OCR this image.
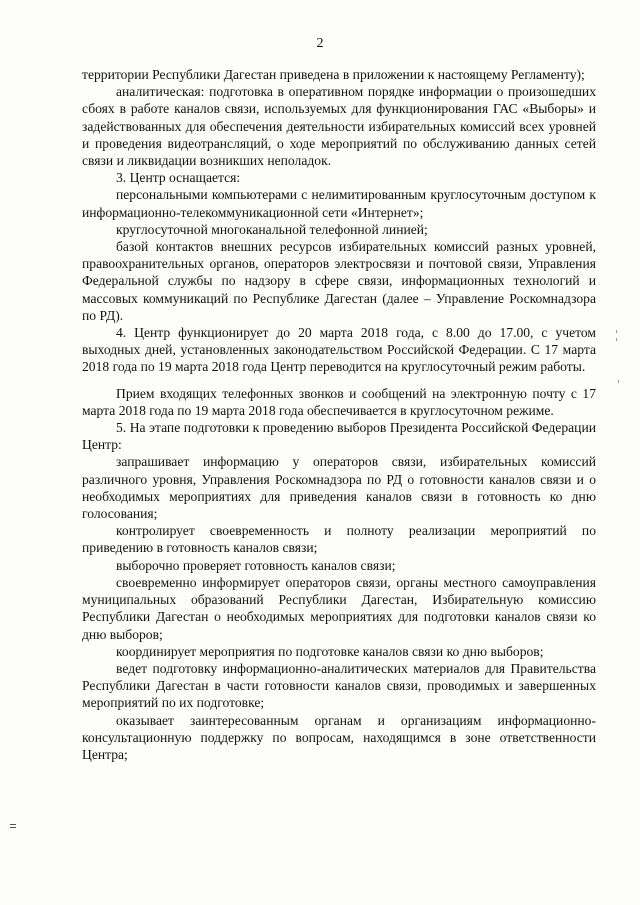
2

территории Республики Дагестан приведена в приложении к настоящему Регламенту);

аналитическая: подготовка в оперативном порядке информации о произошедших сбоях в работе каналов связи, используемых для функционирования ГАС «Выборы» и задействованных для обеспечения деятельности избирательных комиссий всех уровней и проведения видеотрансляций, о ходе мероприятий по обслуживанию данных сетей связи и ликвидации возникших неполадок.

3. Центр оснащается:

персональными компьютерами с нелимитированным круглосуточным доступом к информационно-телекоммуникационной сети «Интернет»;

круглосуточной многоканальной телефонной линией;

базой контактов внешних ресурсов избирательных комиссий разных уровней, правоохранительных органов, операторов электросвязи и почтовой связи, Управления Федеральной службы по надзору в сфере связи, информационных технологий и массовых коммуникаций по Республике Дагестан (далее – Управление Роскомнадзора по РД).

4. Центр функционирует до 20 марта 2018 года, с 8.00 до 17.00, с учетом выходных дней, установленных законодательством Российской Федерации. С 17 марта 2018 года по 19 марта 2018 года Центр переводится на круглосуточный режим работы.

Прием входящих телефонных звонков и сообщений на электронную почту с 17 марта 2018 года по 19 марта 2018 года обеспечивается в круглосуточном режиме.

5. На этапе подготовки к проведению выборов Президента Российской Федерации Центр:

запрашивает информацию у операторов связи, избирательных комиссий различного уровня, Управления Роскомнадзора по РД о готовности каналов связи и о необходимых мероприятиях для приведения каналов связи в готовность ко дню голосования;

контролирует своевременность и полноту реализации мероприятий по приведению в готовность каналов связи;

выборочно проверяет готовность каналов связи;

своевременно информирует операторов связи, органы местного самоуправления муниципальных образований Республики Дагестан, Избирательную комиссию Республики Дагестан о необходимых мероприятиях для подготовки каналов связи ко дню выборов;

координирует мероприятия по подготовке каналов связи ко дню выборов;

ведет подготовку информационно-аналитических материалов для Правительства Республики Дагестан в части готовности каналов связи, проводимых и завершенных мероприятий по их подготовке;

оказывает заинтересованным органам и организациям информационно-консультационную поддержку по вопросам, находящимся в зоне ответственности Центра;
